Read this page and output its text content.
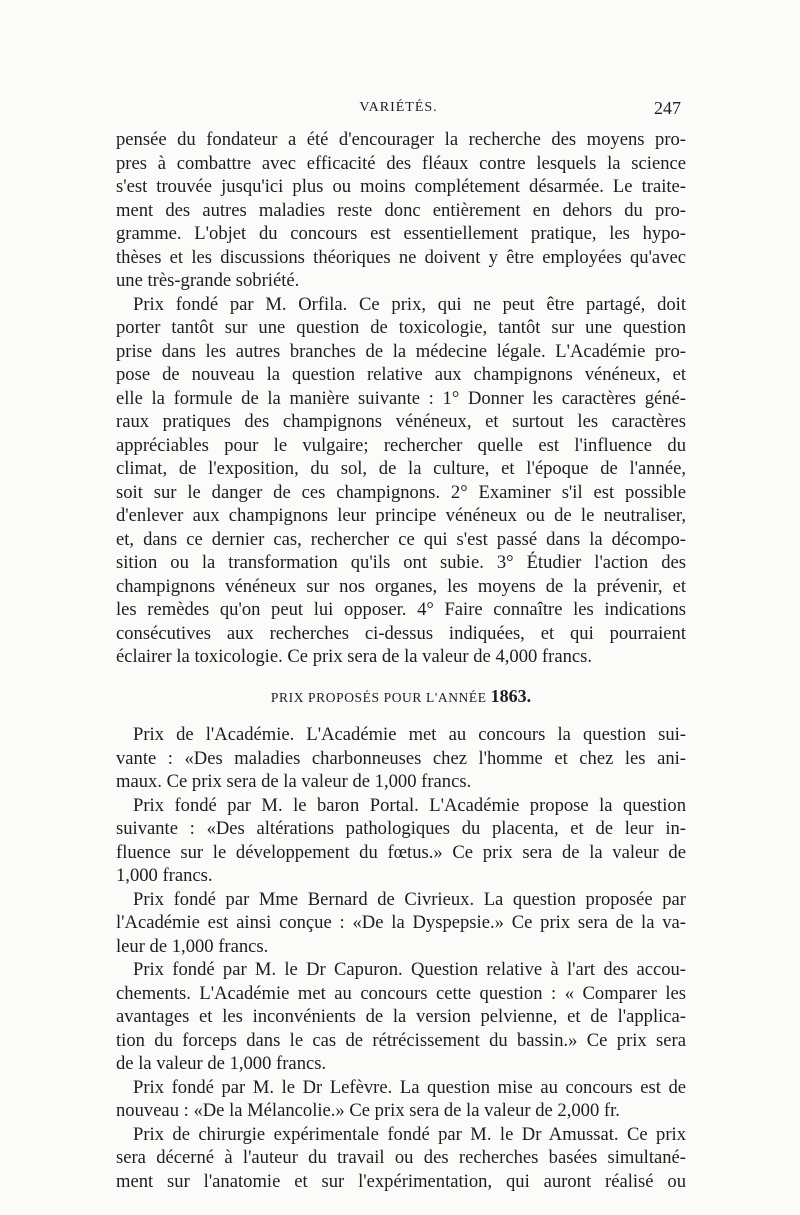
VARIÉTÉS.	247
pensée du fondateur a été d'encourager la recherche des moyens pro-
pres à combattre avec efficacité des fléaux contre lesquels la science
s'est trouvée jusqu'ici plus ou moins complétement désarmée. Le traite-
ment des autres maladies reste donc entièrement en dehors du pro-
gramme. L'objet du concours est essentiellement pratique, les hypo-
thèses et les discussions théoriques ne doivent y être employées qu'avec
une très-grande sobriété.
Prix fondé par M. Orfila. Ce prix, qui ne peut être partagé, doit
porter tantôt sur une question de toxicologie, tantôt sur une question
prise dans les autres branches de la médecine légale. L'Académie pro-
pose de nouveau la question relative aux champignons vénéneux, et
elle la formule de la manière suivante : 1° Donner les caractères géné-
raux pratiques des champignons vénéneux, et surtout les caractères
appréciables pour le vulgaire; rechercher quelle est l'influence du
climat, de l'exposition, du sol, de la culture, et l'époque de l'année,
soit sur le danger de ces champignons. 2° Examiner s'il est possible
d'enlever aux champignons leur principe vénéneux ou de le neutraliser,
et, dans ce dernier cas, rechercher ce qui s'est passé dans la décompo-
sition ou la transformation qu'ils ont subie. 3° Étudier l'action des
champignons vénéneux sur nos organes, les moyens de la prévenir, et
les remèdes qu'on peut lui opposer. 4° Faire connaître les indications
consécutives aux recherches ci-dessus indiquées, et qui pourraient
éclairer la toxicologie. Ce prix sera de la valeur de 4,000 francs.
PRIX PROPOSÉS POUR L'ANNÉE 1863.
Prix de l'Académie. L'Académie met au concours la question sui-
vante : «Des maladies charbonneuses chez l'homme et chez les ani-
maux. Ce prix sera de la valeur de 1,000 francs.
Prix fondé par M. le baron Portal. L'Académie propose la question
suivante : «Des altérations pathologiques du placenta, et de leur in-
fluence sur le développement du fœtus.» Ce prix sera de la valeur de
1,000 francs.
Prix fondé par Mme Bernard de Civrieux. La question proposée par
l'Académie est ainsi conçue : «De la Dyspepsie.» Ce prix sera de la va-
leur de 1,000 francs.
Prix fondé par M. le Dr Capuron. Question relative à l'art des accou-
chements. L'Académie met au concours cette question : « Comparer les
avantages et les inconvénients de la version pelvienne, et de l'applica-
tion du forceps dans le cas de rétrécissement du bassin.» Ce prix sera
de la valeur de 1,000 francs.
Prix fondé par M. le Dr Lefèvre. La question mise au concours est de
nouveau : «De la Mélancolie.» Ce prix sera de la valeur de 2,000 fr.
Prix de chirurgie expérimentale fondé par M. le Dr Amussat. Ce prix
sera décerné à l'auteur du travail ou des recherches basées simultané-
ment sur l'anatomie et sur l'expérimentation, qui auront réalisé ou
